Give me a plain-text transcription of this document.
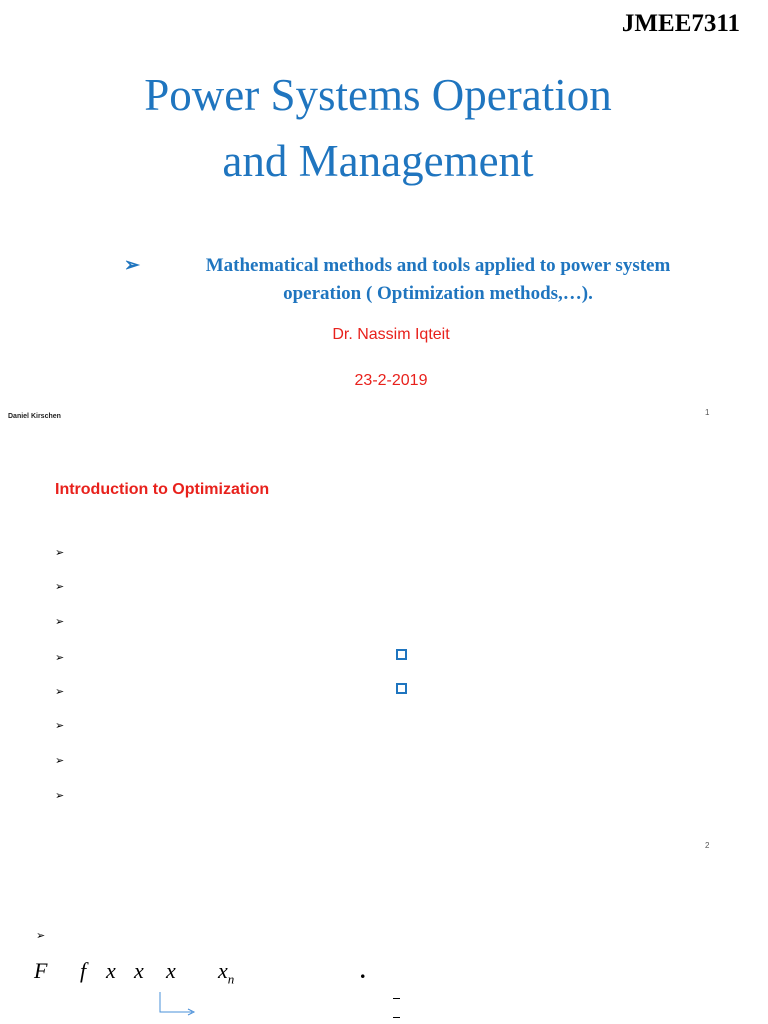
JMEE7311
Power Systems Operation
and Management
➢	Mathematical methods and tools applied to power system
operation ( Optimization methods,…).
Dr. Nassim Iqteit
23-2-2019
Daniel Kirschen	1
Introduction to Optimization
➢
➢
➢
➢
➢
➢
➢
➢
2
➢
F f x x x $x_n$	.
